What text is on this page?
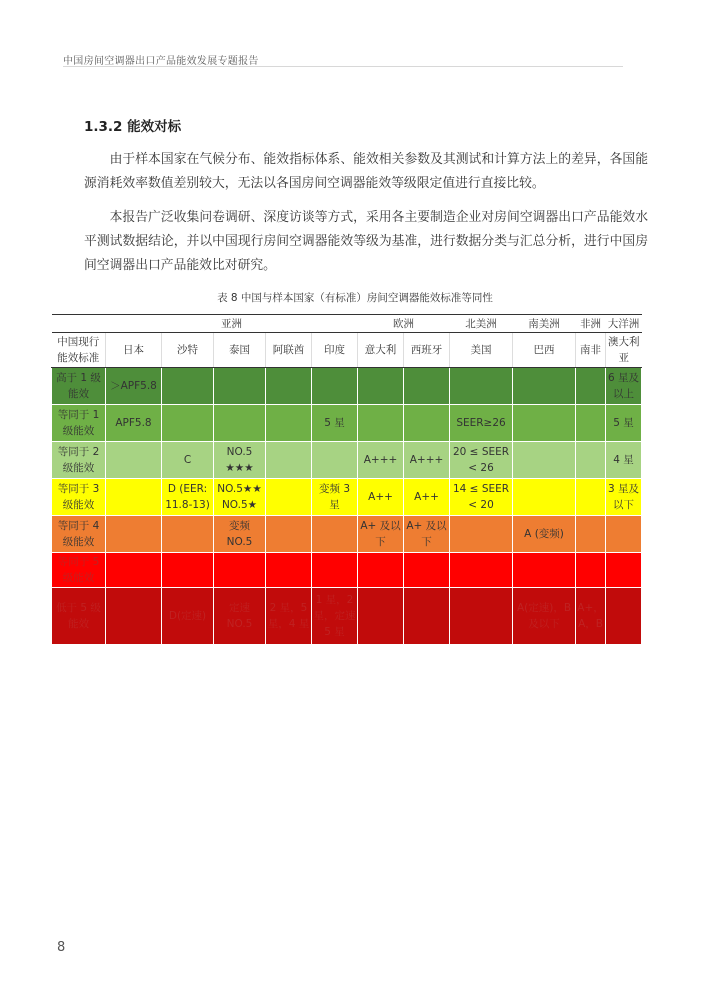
中国房间空调器出口产品能效发展专题报告
1.3.2 能效对标

由于样本国家在气候分布、能效指标体系、能效相关参数及其测试和计算方法上的差异，各国能源消耗效率数值差别较大，无法以各国房间空调器能效等级限定值进行直接比较。

本报告广泛收集问卷调研、深度访谈等方式，采用各主要制造企业对房间空调器出口产品能效水平测试数据结论，并以中国现行房间空调器能效等级为基准，进行数据分类与汇总分析，进行中国房间空调器出口产品能效比对研究。

表 8 中国与样本国家（有标准）房间空调器能效标准等同性
	亚洲					欧洲		北美洲	南美洲	非洲	大洋洲
中国现行能效标准	日本	沙特	泰国	阿联酋	印度	意大利	西班牙	美国	巴西	南非	澳大利亚
高于 1 级能效	＞APF5.8										6 星及以上
等同于 1 级能效	APF5.8				5 星			SEER≥26			5 星
等同于 2 级能效		C	NO.5 ★★★			A+++	A+++	20 ≤ SEER < 26			4 星
等同于 3 级能效		D (EER: 11.8-13)	NO.5★★ NO.5★		变频 3 星	A++	A++	14 ≤ SEER < 20			3 星及以下
等同于 4 级能效			变频 NO.5			A+ 及以下	A+ 及以下		A (变频)		
等同于 5 级能效											
低于 5 级能效		D(定速)	定速 NO.5	2 星，5 星，4 星	1 星，2 星，定速 5 星				A(定速)，B 及以下	A+，A，B	
8
